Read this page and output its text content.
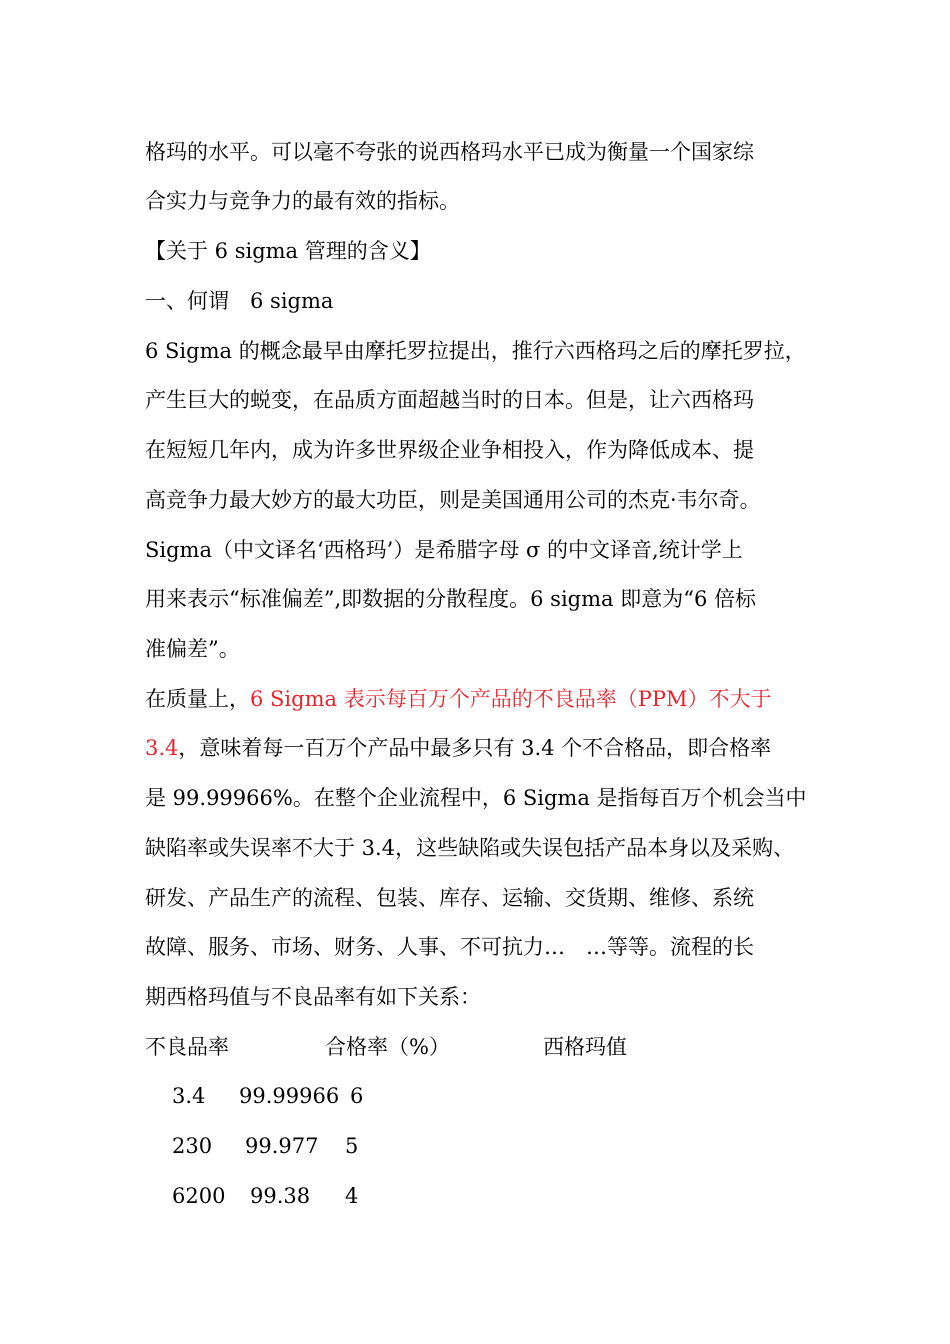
格玛的水平。可以毫不夸张的说西格玛水平已成为衡量一个国家综
合实力与竞争力的最有效的指标。
【关于 6 sigma 管理的含义】
一、何谓　6 sigma
6 Sigma 的概念最早由摩托罗拉提出，推行六西格玛之后的摩托罗拉，
产生巨大的蜕变，在品质方面超越当时的日本。但是，让六西格玛
在短短几年内，成为许多世界级企业争相投入，作为降低成本、提
高竞争力最大妙方的最大功臣，则是美国通用公司的杰克·韦尔奇。
Sigma（中文译名‘西格玛’）是希腊字母 σ 的中文译音,统计学上
用来表示“标准偏差”,即数据的分散程度。6 sigma 即意为“6 倍标
准偏差”。
在质量上，6 Sigma 表示每百万个产品的不良品率（PPM）不大于
3.4，意味着每一百万个产品中最多只有 3.4 个不合格品，即合格率
是 99.99966%。在整个企业流程中，6 Sigma 是指每百万个机会当中
缺陷率或失误率不大于 3.4，这些缺陷或失误包括产品本身以及采购、
研发、产品生产的流程、包装、库存、运输、交货期、维修、系统
故障、服务、市场、财务、人事、不可抗力…　…等等。流程的长
期西格玛值与不良品率有如下关系：
不良品率	合格率（%）	西格玛值
3.4 99.99966 6
230 99.977 5
6200 99.38 4
